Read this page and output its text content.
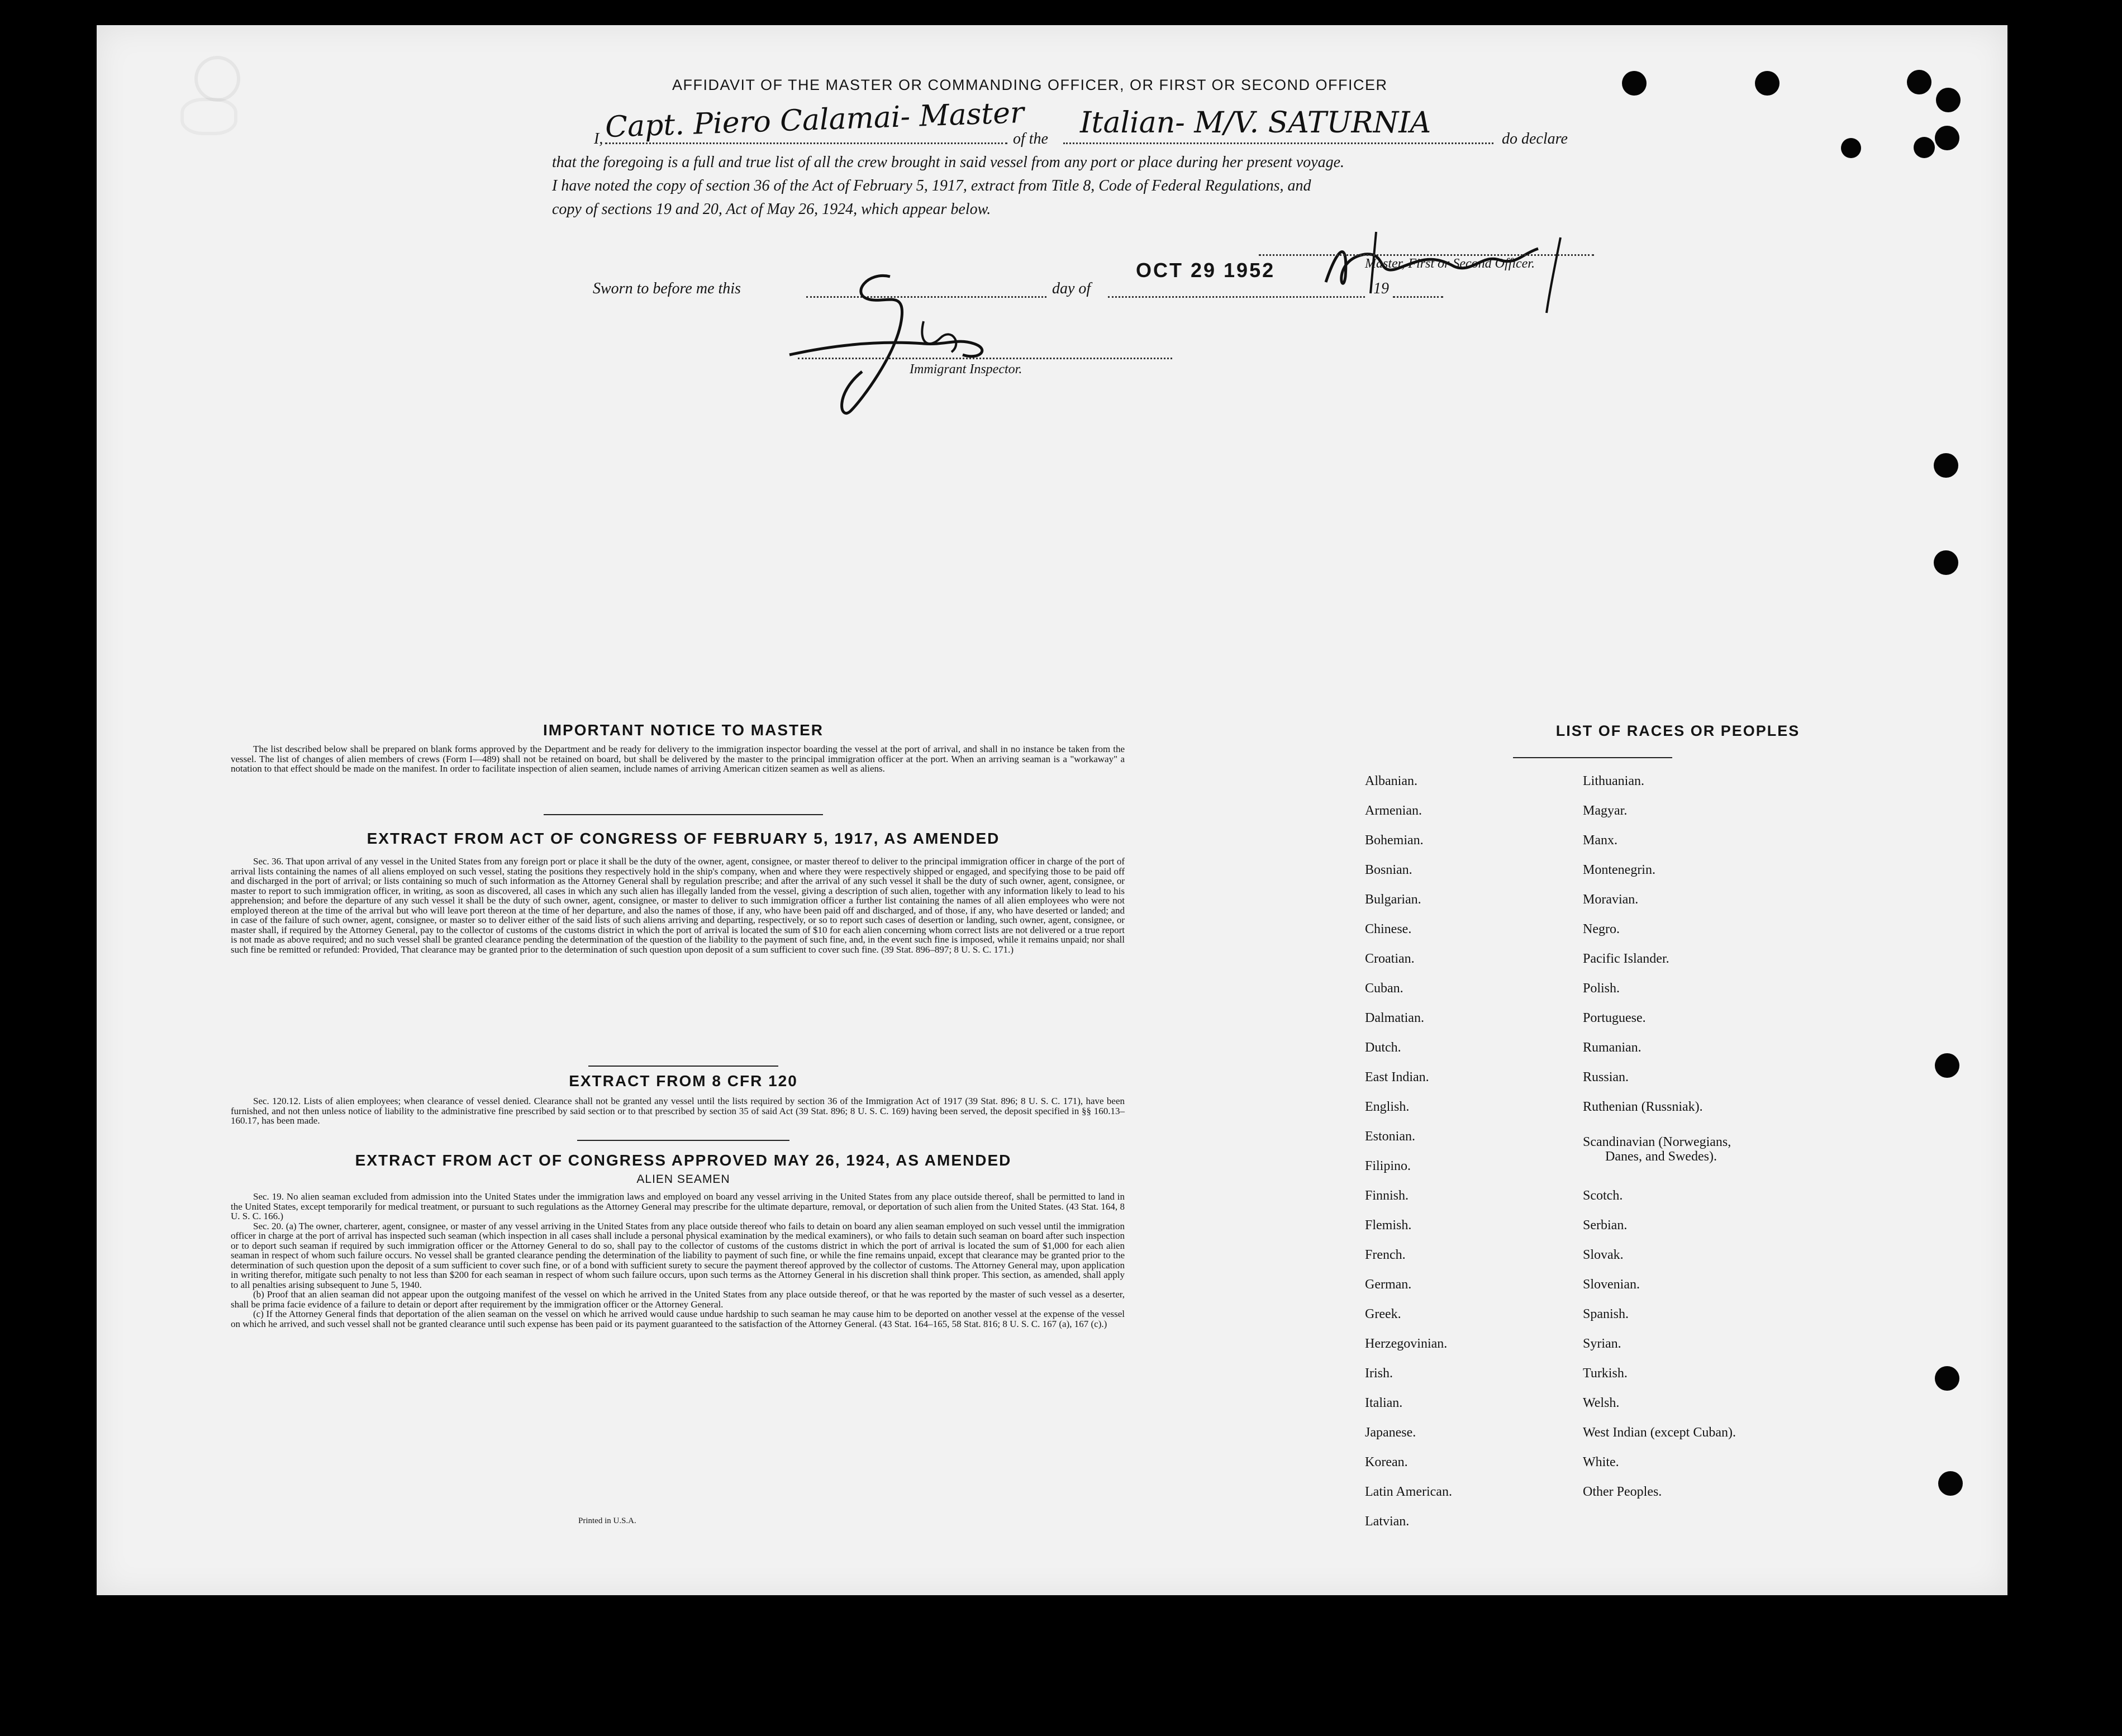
AFFIDAVIT OF THE MASTER OR COMMANDING OFFICER, OR FIRST OR SECOND OFFICER
I, Capt. Piero Calamai- Master
of the Italian- M/V. SATURNIA	do declare
that the foregoing is a full and true list of all the crew brought in said vessel from any port or place during her present voyage.
I have noted the copy of section 36 of the Act of February 5, 1917, extract from Title 8, Code of Federal Regulations, and
copy of sections 19 and 20, Act of May 26, 1924, which appear below.
Sworn to before me this	day of
OCT 29 1952
19
Master, First or Second Officer.
Immigrant Inspector.
IMPORTANT NOTICE TO MASTER
The list described below shall be prepared on blank forms approved by the Department and be ready for delivery to the immigration inspector boarding the vessel at the port of arrival, and shall in no instance be taken from the vessel. The list of changes of alien members of crews (Form I—489) shall not be retained on board, but shall be delivered by the master to the principal immigration officer at the port. When an arriving seaman is a "workaway" a notation to that effect should be made on the manifest. In order to facilitate inspection of alien seamen, include names of arriving American citizen seamen as well as aliens.
EXTRACT FROM ACT OF CONGRESS OF FEBRUARY 5, 1917, AS AMENDED
Sec. 36. That upon arrival of any vessel in the United States from any foreign port or place it shall be the duty of the owner, agent, consignee, or master thereof to deliver to the principal immigration officer in charge of the port of arrival lists containing the names of all aliens employed on such vessel, stating the positions they respectively hold in the ship's company, when and where they were respectively shipped or engaged, and specifying those to be paid off and discharged in the port of arrival; or lists containing so much of such information as the Attorney General shall by regulation prescribe; and after the arrival of any such vessel it shall be the duty of such owner, agent, consignee, or master to report to such immigration officer, in writing, as soon as discovered, all cases in which any such alien has illegally landed from the vessel, giving a description of such alien, together with any information likely to lead to his apprehension; and before the departure of any such vessel it shall be the duty of such owner, agent, consignee, or master to deliver to such immigration officer a further list containing the names of all alien employees who were not employed thereon at the time of the arrival but who will leave port thereon at the time of her departure, and also the names of those, if any, who have been paid off and discharged, and of those, if any, who have deserted or landed; and in case of the failure of such owner, agent, consignee, or master so to deliver either of the said lists of such aliens arriving and departing, respectively, or so to report such cases of desertion or landing, such owner, agent, consignee, or master shall, if required by the Attorney General, pay to the collector of customs of the customs district in which the port of arrival is located the sum of $10 for each alien concerning whom correct lists are not delivered or a true report is not made as above required; and no such vessel shall be granted clearance pending the determination of the question of the liability to the payment of such fine, and, in the event such fine is imposed, while it remains unpaid; nor shall such fine be remitted or refunded: Provided, That clearance may be granted prior to the determination of such question upon deposit of a sum sufficient to cover such fine. (39 Stat. 896–897; 8 U. S. C. 171.)
EXTRACT FROM 8 CFR 120
Sec. 120.12. Lists of alien employees; when clearance of vessel denied. Clearance shall not be granted any vessel until the lists required by section 36 of the Immigration Act of 1917 (39 Stat. 896; 8 U. S. C. 171), have been furnished, and not then unless notice of liability to the administrative fine prescribed by said section or to that prescribed by section 35 of said Act (39 Stat. 896; 8 U. S. C. 169) having been served, the deposit specified in §§ 160.13–160.17, has been made.
EXTRACT FROM ACT OF CONGRESS APPROVED MAY 26, 1924, AS AMENDED
ALIEN SEAMEN
Sec. 19. No alien seaman excluded from admission into the United States under the immigration laws and employed on board any vessel arriving in the United States from any place outside thereof, shall be permitted to land in the United States, except temporarily for medical treatment, or pursuant to such regulations as the Attorney General may prescribe for the ultimate departure, removal, or deportation of such alien from the United States. (43 Stat. 164, 8 U. S. C. 166.)
Sec. 20. (a) The owner, charterer, agent, consignee, or master of any vessel arriving in the United States from any place outside thereof who fails to detain on board any alien seaman employed on such vessel until the immigration officer in charge at the port of arrival has inspected such seaman (which inspection in all cases shall include a personal physical examination by the medical examiners), or who fails to detain such seaman on board after such inspection or to deport such seaman if required by such immigration officer or the Attorney General to do so, shall pay to the collector of customs of the customs district in which the port of arrival is located the sum of $1,000 for each alien seaman in respect of whom such failure occurs. No vessel shall be granted clearance pending the determination of the liability to payment of such fine, or while the fine remains unpaid, except that clearance may be granted prior to the determination of such question upon the deposit of a sum sufficient to cover such fine, or of a bond with sufficient surety to secure the payment thereof approved by the collector of customs. The Attorney General may, upon application in writing therefor, mitigate such penalty to not less than $200 for each seaman in respect of whom such failure occurs, upon such terms as the Attorney General in his discretion shall think proper. This section, as amended, shall apply to all penalties arising subsequent to June 5, 1940.
(b) Proof that an alien seaman did not appear upon the outgoing manifest of the vessel on which he arrived in the United States from any place outside thereof, or that he was reported by the master of such vessel as a deserter, shall be prima facie evidence of a failure to detain or deport after requirement by the immigration officer or the Attorney General.
(c) If the Attorney General finds that deportation of the alien seaman on the vessel on which he arrived would cause undue hardship to such seaman he may cause him to be deported on another vessel at the expense of the vessel on which he arrived, and such vessel shall not be granted clearance until such expense has been paid or its payment guaranteed to the satisfaction of the Attorney General. (43 Stat. 164–165, 58 Stat. 816; 8 U. S. C. 167 (a), 167 (c).)
Printed in U.S.A.
LIST OF RACES OR PEOPLES
Albanian.
Armenian.
Bohemian.
Bosnian.
Bulgarian.
Chinese.
Croatian.
Cuban.
Dalmatian.
Dutch.
East Indian.
English.
Estonian.
Filipino.
Finnish.
Flemish.
French.
German.
Greek.
Herzegovinian.
Irish.
Italian.
Japanese.
Korean.
Latin American.
Latvian.
Lithuanian.
Magyar.
Manx.
Montenegrin.
Moravian.
Negro.
Pacific Islander.
Polish.
Portuguese.
Rumanian.
Russian.
Ruthenian (Russniak).
Scandinavian (Norwegians,
Danes, and Swedes).
Scotch.
Serbian.
Slovak.
Slovenian.
Spanish.
Syrian.
Turkish.
Welsh.
West Indian (except Cuban).
White.
Other Peoples.
